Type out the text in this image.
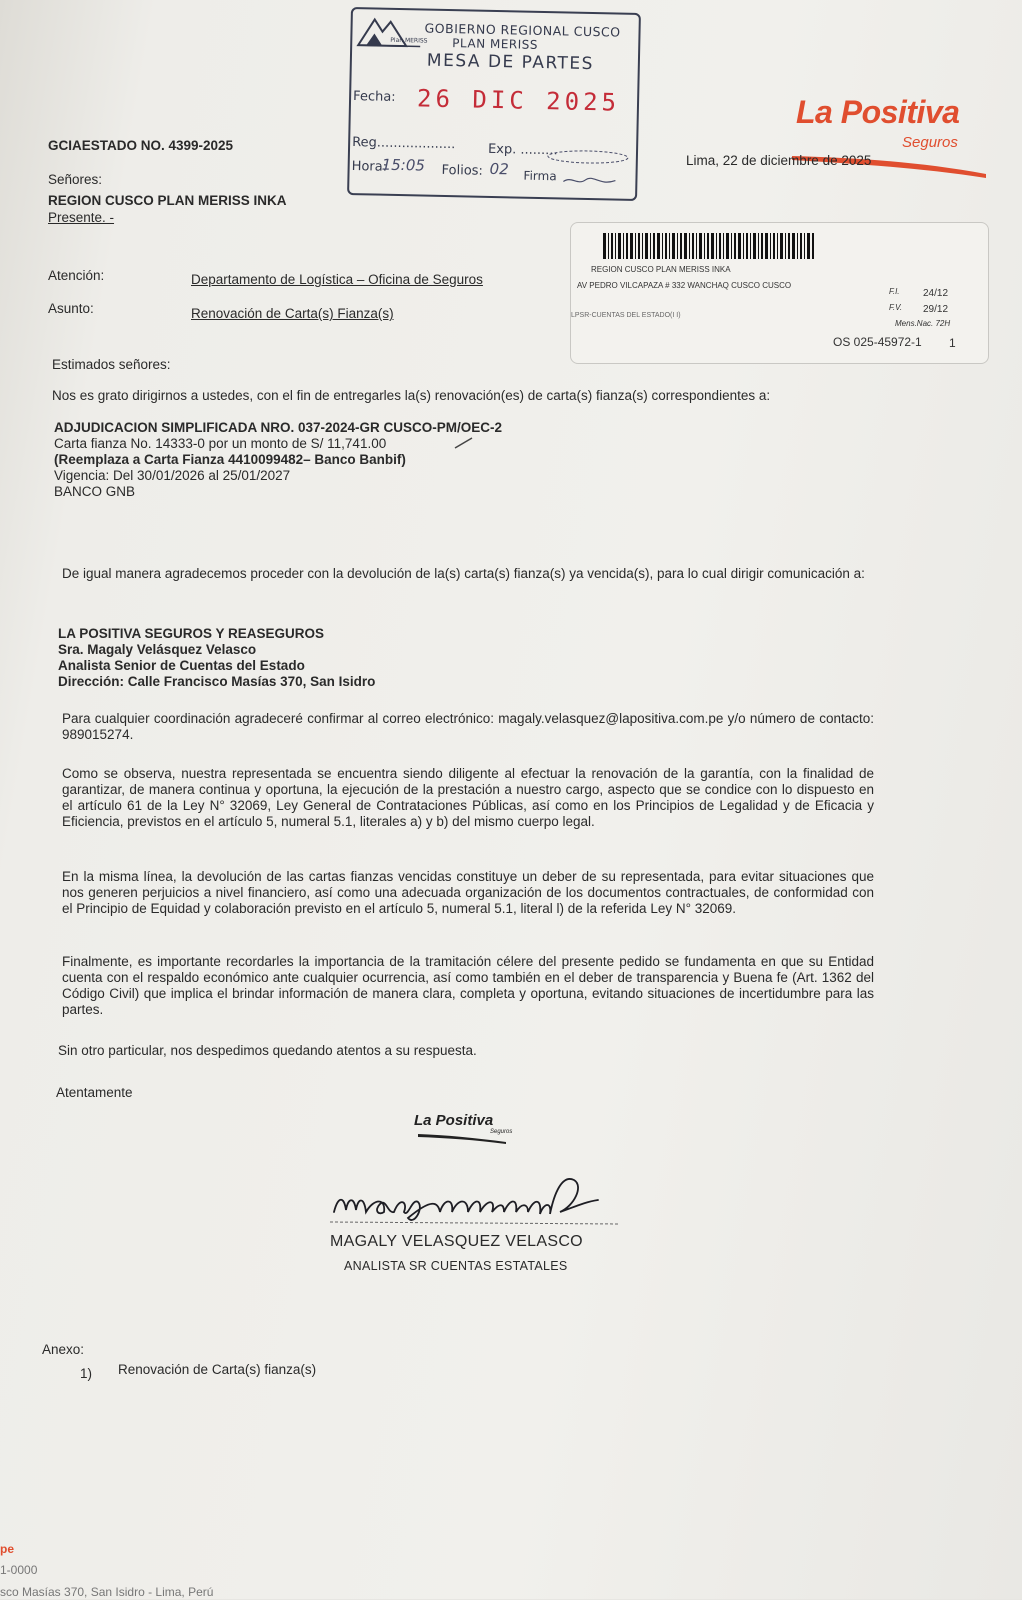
Plan MERISS
GOBIERNO REGIONAL CUSCO
PLAN MERISS
MESA DE PARTES
Fecha: 26 DIC 2025
Reg................... Exp. .........
Hora:
15:05 Folios: 02 Firma
La Positiva
Seguros
GCIAESTADO NO. 4399-2025
Lima, 22 de diciembre de 2025
Señores:
REGION CUSCO PLAN MERISS INKA
Presente. -
Atención:	Departamento de Logística – Oficina de Seguros
Asunto:	Renovación de Carta(s) Fianza(s)
REGION CUSCO PLAN MERISS INKA
AV PEDRO VILCAPAZA # 332 WANCHAQ CUSCO CUSCO
LPSR-CUENTAS DEL ESTADO(I I)
F.I. 24/12
F.V. 29/12
Mens.Nac. 72H
OS 025-45972-1 1
Estimados señores:
Nos es grato dirigirnos a ustedes, con el fin de entregarles la(s) renovación(es) de carta(s) fianza(s) correspondientes a:
ADJUDICACION SIMPLIFICADA NRO. 037-2024-GR CUSCO-PM/OEC-2
Carta fianza No. 14333-0 por un monto de S/ 11,741.00
(Reemplaza a Carta Fianza 4410099482– Banco Banbif)
Vigencia: Del 30/01/2026 al 25/01/2027
BANCO GNB
De igual manera agradecemos proceder con la devolución de la(s) carta(s) fianza(s) ya vencida(s), para lo cual dirigir comunicación a:
LA POSITIVA SEGUROS Y REASEGUROS
Sra. Magaly Velásquez Velasco
Analista Senior de Cuentas del Estado
Dirección: Calle Francisco Masías 370, San Isidro
Para cualquier coordinación agradeceré confirmar al correo electrónico: magaly.velasquez@lapositiva.com.pe y/o número de contacto: 989015274.
Como se observa, nuestra representada se encuentra siendo diligente al efectuar la renovación de la garantía, con la finalidad de garantizar, de manera continua y oportuna, la ejecución de la prestación a nuestro cargo, aspecto que se condice con lo dispuesto en el artículo 61 de la Ley N° 32069, Ley General de Contrataciones Públicas, así como en los Principios de Legalidad y de Eficacia y Eficiencia, previstos en el artículo 5, numeral 5.1, literales a) y b) del mismo cuerpo legal.
En la misma línea, la devolución de las cartas fianzas vencidas constituye un deber de su representada, para evitar situaciones que nos generen perjuicios a nivel financiero, así como una adecuada organización de los documentos contractuales, de conformidad con el Principio de Equidad y colaboración previsto en el artículo 5, numeral 5.1, literal l) de la referida Ley N° 32069.
Finalmente, es importante recordarles la importancia de la tramitación célere del presente pedido se fundamenta en que su Entidad cuenta con el respaldo económico ante cualquier ocurrencia, así como también en el deber de transparencia y Buena fe (Art. 1362 del Código Civil) que implica el brindar información de manera clara, completa y oportuna, evitando situaciones de incertidumbre para las partes.
Sin otro particular, nos despedimos quedando atentos a su respuesta.
Atentamente
La Positiva
Seguros
MAGALY VELASQUEZ VELASCO
ANALISTA SR CUENTAS ESTATALES
Anexo:
1) Renovación de Carta(s) fianza(s)
pe
1-0000
sco Masías 370, San Isidro - Lima, Perú
